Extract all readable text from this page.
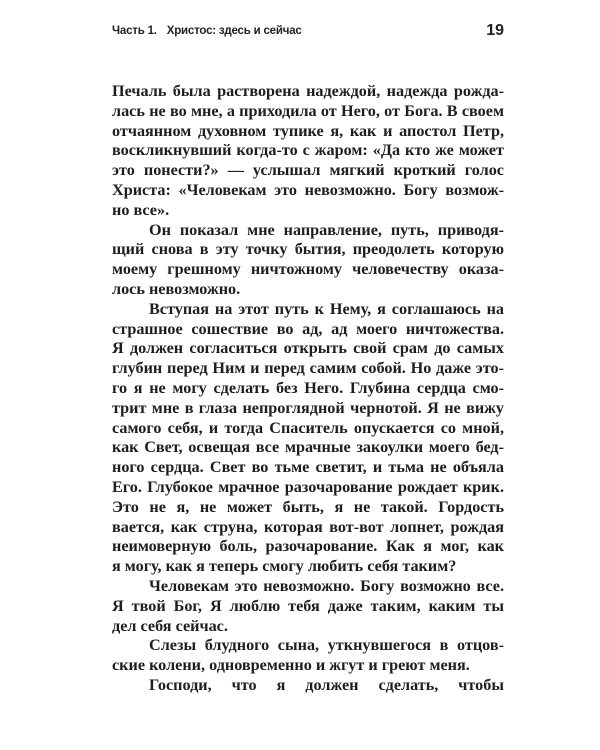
Часть 1. Христос: здесь и сейчас	19
Печаль была растворена надеждой, надежда рожда-
лась не во мне, а приходила от Него, от Бога. В своем
отчаянном духовном тупике я, как и апостол Петр,
воскликнувший когда-то с жаром: «Да кто же может
это понести?» — услышал мягкий кроткий голос
Христа: «Человекам это невозможно. Богу возмож-
но все».
Он показал мне направление, путь, приводя-
щий снова в эту точку бытия, преодолеть которую
моему грешному ничтожному человечеству оказа-
лось невозможно.
Вступая на этот путь к Нему, я соглашаюсь на
страшное сошествие во ад, ад моего ничтожества.
Я должен согласиться открыть свой срам до самых
глубин перед Ним и перед самим собой. Но даже это-
го я не могу сделать без Него. Глубина сердца смо-
трит мне в глаза непроглядной чернотой. Я не вижу
самого себя, и тогда Спаситель опускается со мной,
как Свет, освещая все мрачные закоулки моего бед-
ного сердца. Свет во тьме светит, и тьма не объяла
Его. Глубокое мрачное разочарование рождает крик.
Это не я, не может быть, я не такой. Гордость
вается, как струна, которая вот-вот лопнет, рождая
неимоверную боль, разочарование. Как я мог, как
я могу, как я теперь смогу любить себя таким?
Человекам это невозможно. Богу возможно все.
Я твой Бог, Я люблю тебя даже таким, каким ты
дел себя сейчас.
Слезы блудного сына, уткнувшегося в отцов-
ские колени, одновременно и жгут и греют меня.
Господи, что я должен сделать, чтобы
